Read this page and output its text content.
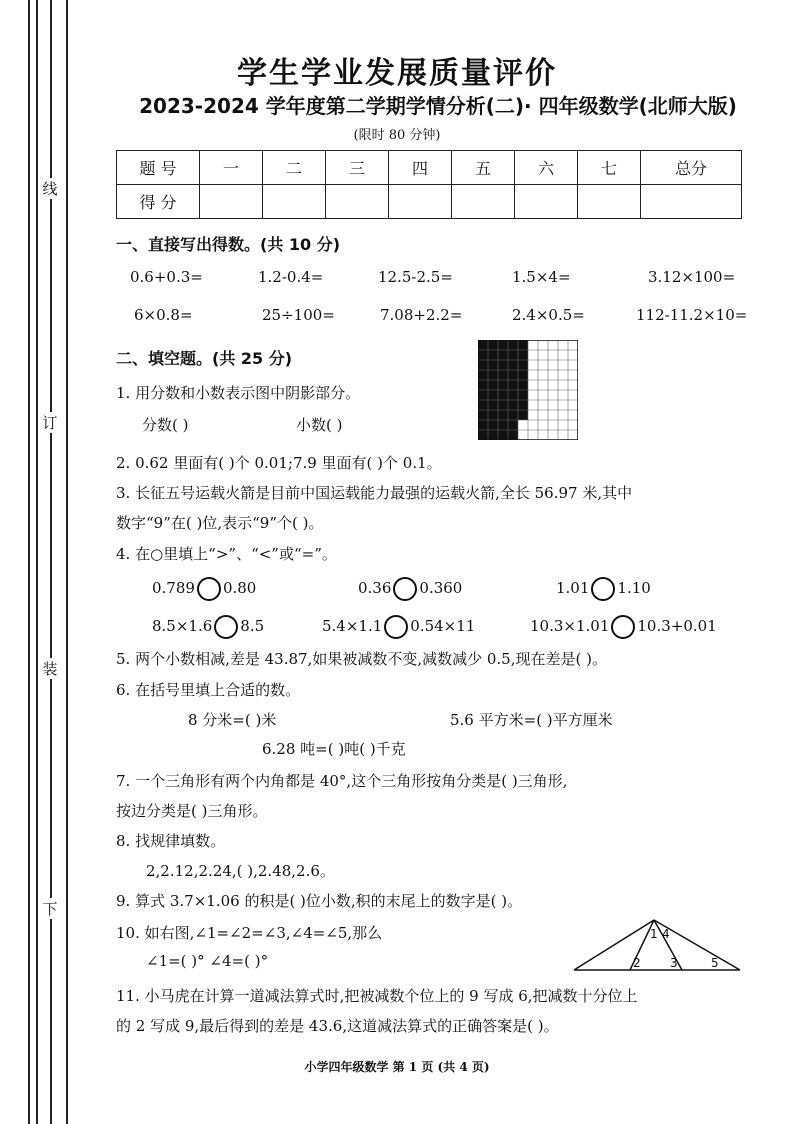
线
订
装
下
学生学业发展质量评价
2023-2024 学年度第二学期学情分析(二)· 四年级数学(北师大版)
(限时 80 分钟)
题 号	一	二	三	四	五	六	七	总分
得 分								
一、直接写出得数。(共 10 分)
0.6+0.3=	1.2-0.4=	12.5-2.5=	1.5×4=	3.12×100=
6×0.8=	25÷100=	7.08+2.2=	2.4×0.5=	112-11.2×10=
二、填空题。(共 25 分)
1. 用分数和小数表示图中阴影部分。
分数( )	小数( )
2. 0.62 里面有( )个 0.01;7.9 里面有( )个 0.1。
3. 长征五号运载火箭是目前中国运载能力最强的运载火箭,全长 56.97 米,其中
数字“9”在( )位,表示“9”个( )。
4. 在○里填上“>”、“<”或“=”。
0.789 0.80	0.36 0.360	1.01 1.10
8.5×1.6 8.5	5.4×1.1 0.54×11	10.3×1.01 10.3+0.01
5. 两个小数相减,差是 43.87,如果被减数不变,减数减少 0.5,现在差是( )。
6. 在括号里填上合适的数。
8 分米=( )米	5.6 平方米=( )平方厘米
6.28 吨=( )吨( )千克
7. 一个三角形有两个内角都是 40°,这个三角形按角分类是( )三角形,
按边分类是( )三角形。
8. 找规律填数。
2,2.12,2.24,( ),2.48,2.6。
9. 算式 3.7×1.06 的积是( )位小数,积的末尾上的数字是( )。
10. 如右图,∠1=∠2=∠3,∠4=∠5,那么
∠1=( )° ∠4=( )°
1 4
2 3	5
11. 小马虎在计算一道减法算式时,把被减数个位上的 9 写成 6,把减数十分位上
的 2 写成 9,最后得到的差是 43.6,这道减法算式的正确答案是( )。
小学四年级数学 第 1 页 (共 4 页)
